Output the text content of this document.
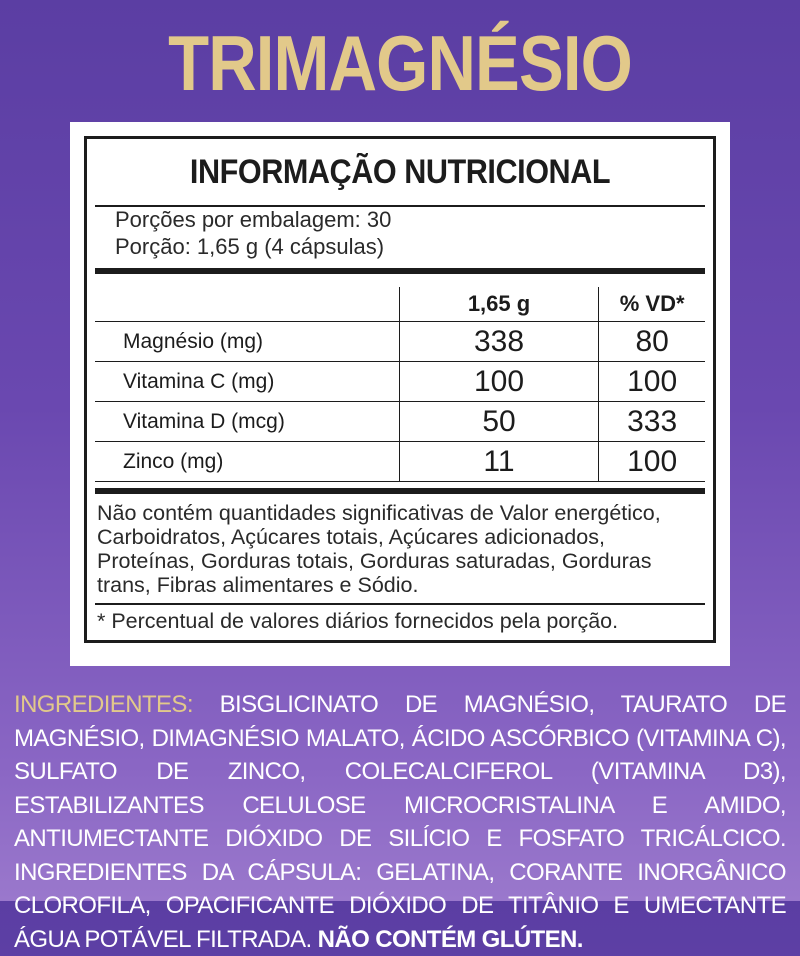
TRIMAGNÉSIO
INFORMAÇÃO NUTRICIONAL
Porções por embalagem: 30
Porção: 1,65 g (4 cápsulas)
	1,65 g	% VD*
Magnésio (mg)	338	80
Vitamina C (mg)	100	100
Vitamina D (mcg)	50	333
Zinco (mg)	11	100
Não contém quantidades significativas de Valor energético, Carboidratos, Açúcares totais, Açúcares adicionados, Proteínas, Gorduras totais, Gorduras saturadas, Gorduras trans, Fibras alimentares e Sódio.
* Percentual de valores diários fornecidos pela porção.
INGREDIENTES: BISGLICINATO DE MAGNÉSIO, TAURATO DE MAGNÉSIO, DIMAGNÉSIO MALATO, ÁCIDO ASCÓRBICO (VITAMINA C), SULFATO DE ZINCO, COLECALCIFEROL (VITAMINA D3), ESTABILIZANTES CELULOSE MICROCRISTALINA E AMIDO, ANTIUMECTANTE DIÓXIDO DE SILÍCIO E FOSFATO TRICÁLCICO. INGREDIENTES DA CÁPSULA: GELATINA, CORANTE INORGÂNICO CLOROFILA, OPACIFICANTE DIÓXIDO DE TITÂNIO E UMECTANTE ÁGUA POTÁVEL FILTRADA. NÃO CONTÉM GLÚTEN.
